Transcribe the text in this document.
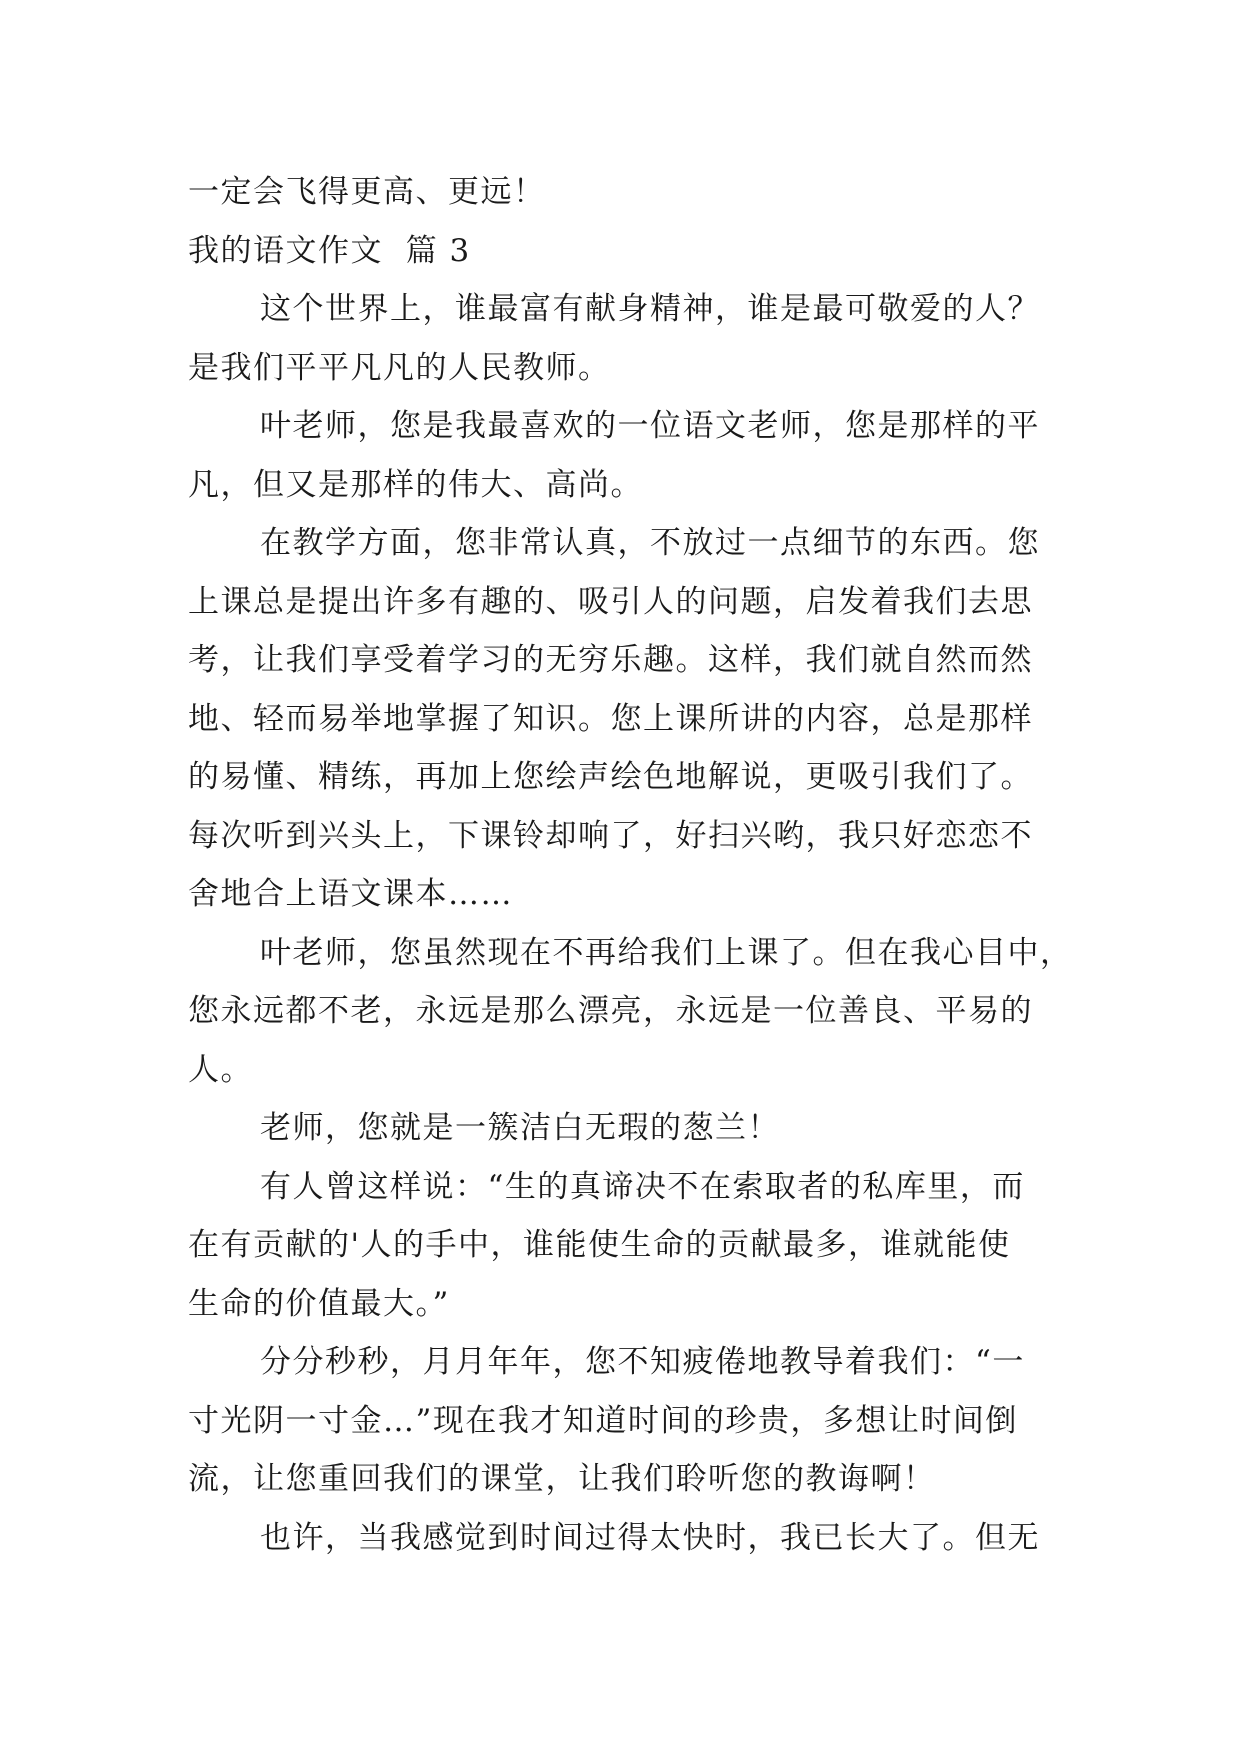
一定会飞得更高、更远！
我的语文作文  篇 3
这个世界上，谁最富有献身精神，谁是最可敬爱的人？
是我们平平凡凡的人民教师。
叶老师，您是我最喜欢的一位语文老师，您是那样的平
凡，但又是那样的伟大、高尚。
在教学方面，您非常认真，不放过一点细节的东西。您
上课总是提出许多有趣的、吸引人的问题，启发着我们去思
考，让我们享受着学习的无穷乐趣。这样，我们就自然而然
地、轻而易举地掌握了知识。您上课所讲的内容，总是那样
的易懂、精练，再加上您绘声绘色地解说，更吸引我们了。
每次听到兴头上，下课铃却响了，好扫兴哟，我只好恋恋不
舍地合上语文课本……
叶老师，您虽然现在不再给我们上课了。但在我心目中，
您永远都不老，永远是那么漂亮，永远是一位善良、平易的
人。
老师，您就是一簇洁白无瑕的葱兰！
有人曾这样说：“生的真谛决不在索取者的私库里，而
在有贡献的'人的手中，谁能使生命的贡献最多，谁就能使
生命的价值最大。”
分分秒秒，月月年年，您不知疲倦地教导着我们：“一
寸光阴一寸金…”现在我才知道时间的珍贵，多想让时间倒
流，让您重回我们的课堂，让我们聆听您的教诲啊！
也许，当我感觉到时间过得太快时，我已长大了。但无
